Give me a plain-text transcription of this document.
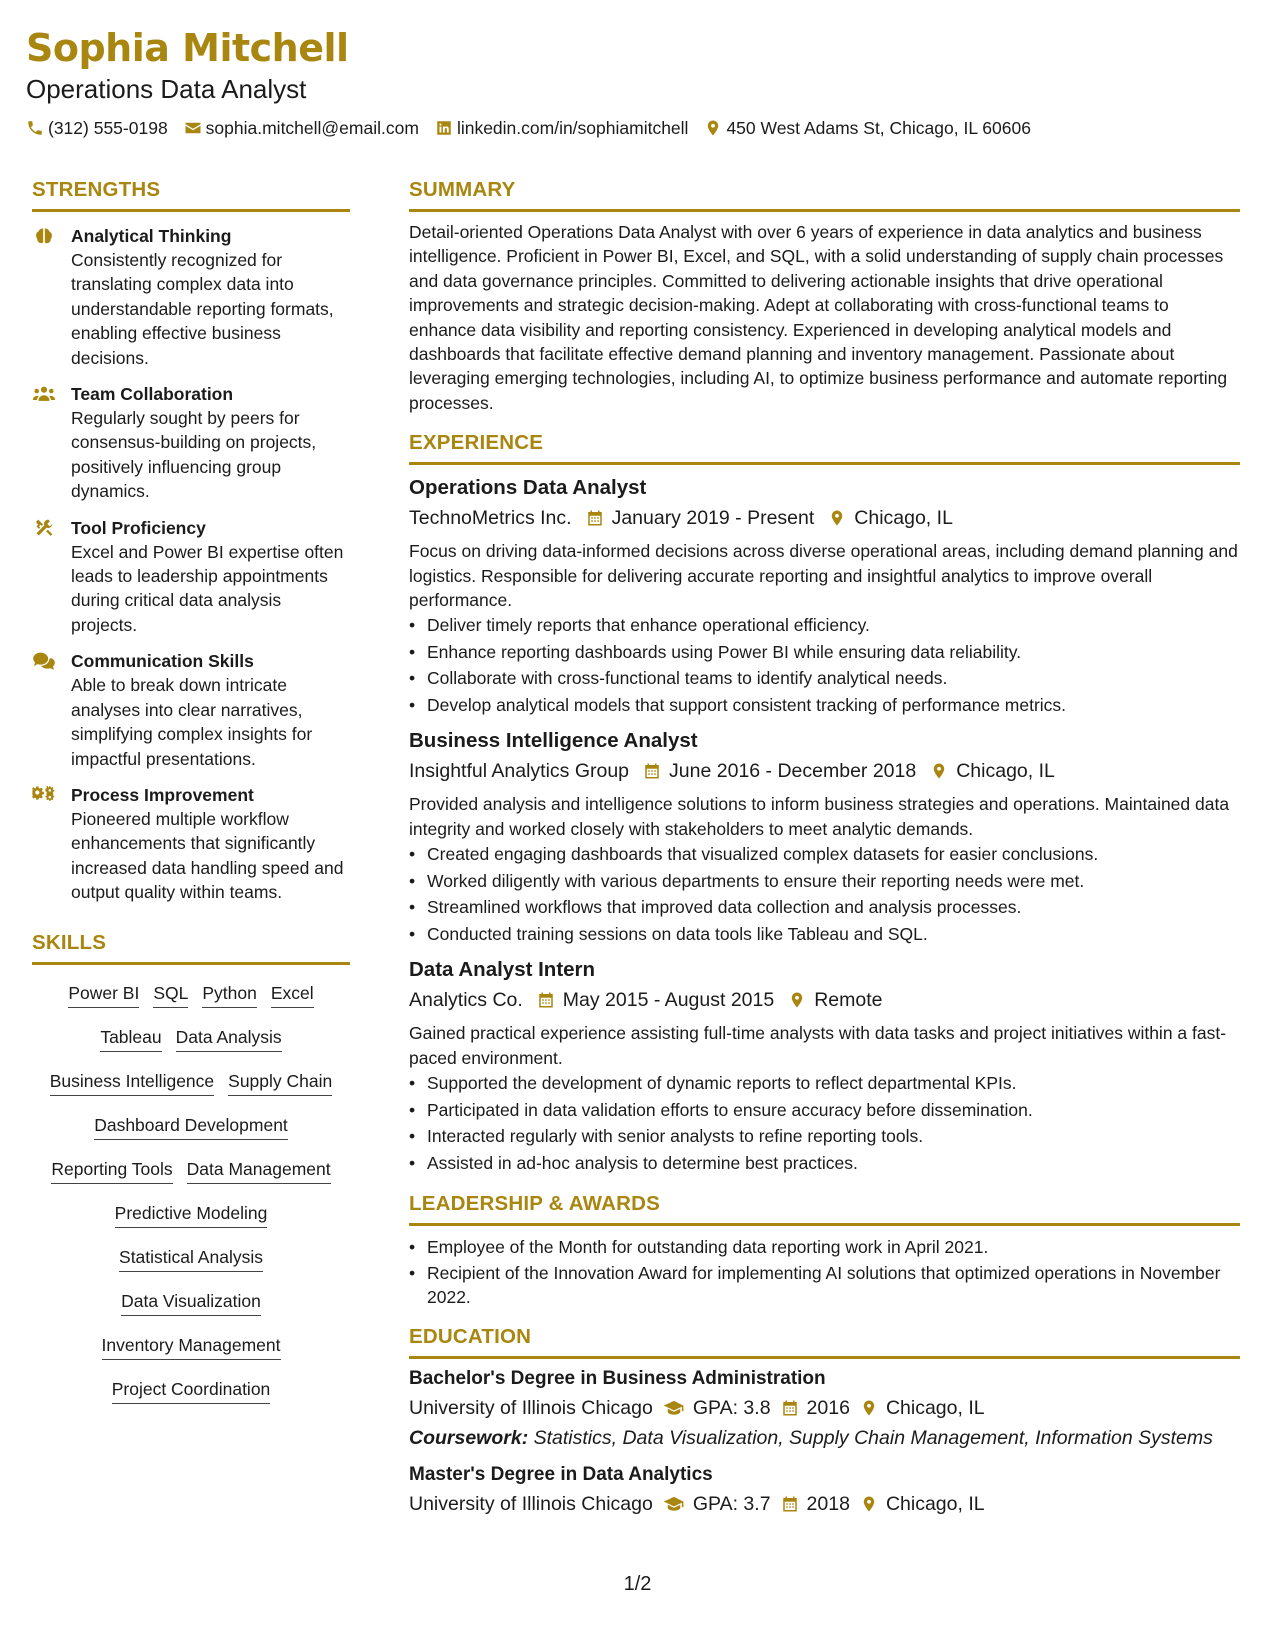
Sophia Mitchell
Operations Data Analyst
(312) 555-0198 sophia.mitchell@email.com linkedin.com/in/sophiamitchell 450 West Adams St, Chicago, IL 60606
STRENGTHS
Analytical Thinking
Consistently recognized for translating complex data into understandable reporting formats, enabling effective business decisions.
Team Collaboration
Regularly sought by peers for consensus-building on projects, positively influencing group dynamics.
Tool Proficiency
Excel and Power BI expertise often leads to leadership appointments during critical data analysis projects.
Communication Skills
Able to break down intricate analyses into clear narratives, simplifying complex insights for impactful presentations.
Process Improvement
Pioneered multiple workflow enhancements that significantly increased data handling speed and output quality within teams.
SKILLS
Power BI SQL Python Excel
Tableau Data Analysis
Business Intelligence Supply Chain
Dashboard Development
Reporting Tools Data Management
Predictive Modeling
Statistical Analysis
Data Visualization
Inventory Management
Project Coordination
SUMMARY
Detail-oriented Operations Data Analyst with over 6 years of experience in data analytics and business intelligence. Proficient in Power BI, Excel, and SQL, with a solid understanding of supply chain processes and data governance principles. Committed to delivering actionable insights that drive operational improvements and strategic decision-making. Adept at collaborating with cross-functional teams to enhance data visibility and reporting consistency. Experienced in developing analytical models and dashboards that facilitate effective demand planning and inventory management. Passionate about leveraging emerging technologies, including AI, to optimize business performance and automate reporting processes.
EXPERIENCE
Operations Data Analyst
TechnoMetrics Inc. January 2019 - Present Chicago, IL
Focus on driving data-informed decisions across diverse operational areas, including demand planning and logistics. Responsible for delivering accurate reporting and insightful analytics to improve overall performance.
• Deliver timely reports that enhance operational efficiency.
• Enhance reporting dashboards using Power BI while ensuring data reliability.
• Collaborate with cross-functional teams to identify analytical needs.
• Develop analytical models that support consistent tracking of performance metrics.
Business Intelligence Analyst
Insightful Analytics Group June 2016 - December 2018 Chicago, IL
Provided analysis and intelligence solutions to inform business strategies and operations. Maintained data integrity and worked closely with stakeholders to meet analytic demands.
• Created engaging dashboards that visualized complex datasets for easier conclusions.
• Worked diligently with various departments to ensure their reporting needs were met.
• Streamlined workflows that improved data collection and analysis processes.
• Conducted training sessions on data tools like Tableau and SQL.
Data Analyst Intern
Analytics Co. May 2015 - August 2015 Remote
Gained practical experience assisting full-time analysts with data tasks and project initiatives within a fast-paced environment.
• Supported the development of dynamic reports to reflect departmental KPIs.
• Participated in data validation efforts to ensure accuracy before dissemination.
• Interacted regularly with senior analysts to refine reporting tools.
• Assisted in ad-hoc analysis to determine best practices.
LEADERSHIP & AWARDS
• Employee of the Month for outstanding data reporting work in April 2021.
• Recipient of the Innovation Award for implementing AI solutions that optimized operations in November 2022.
EDUCATION
Bachelor's Degree in Business Administration
University of Illinois Chicago GPA: 3.8 2016 Chicago, IL
Coursework: Statistics, Data Visualization, Supply Chain Management, Information Systems
Master's Degree in Data Analytics
University of Illinois Chicago GPA: 3.7 2018 Chicago, IL
1/2
